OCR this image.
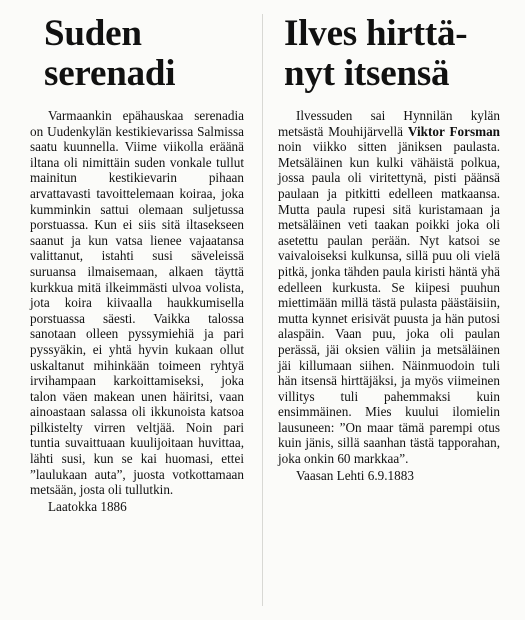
Suden
serenadi

Varmaankin epähauskaa serenadia on Uudenkylän kestikievarissa Salmissa saatu kuunnella. Viime viikolla eräänä iltana oli nimittäin suden vonkale tullut mainitun kestikievarin pihaan arvattavasti tavoittelemaan koiraa, joka kumminkin sattui olemaan suljetussa porstuassa. Kun ei siis sitä iltasekseen saanut ja kun vatsa lienee vajaatansa valittanut, istahti susi säveleissä suruansa ilmaisemaan, alkaen täyttä kurkkua mitä ilkeimmästi ulvoa volista, jota koira kiivaalla haukkumisella porstuassa säesti. Vaikka talossa sanotaan olleen pyssymiehiä ja pari pyssyäkin, ei yhtä hyvin kukaan ollut uskaltanut mihinkään toimeen ryhtyä irvihampaan karkoittamiseksi, joka talon väen makean unen häiritsi, vaan ainoastaan salassa oli ikkunoista katsoa pilkistelty virren veltjää. Noin pari tuntia suvaittuaan kuulijoitaan huvittaa, lähti susi, kun se kai huomasi, ettei ”laulukaan auta”, juosta votkottamaan metsään, josta oli tullutkin.

Laatokka 1886
Ilves hirttä-
nyt itsensä

Ilvessuden sai Hynnilän kylän metsästä Mouhijärvellä Viktor Forsman noin viikko sitten jäniksen paulasta. Metsäläinen kun kulki vähäistä polkua, jossa paula oli viritettynä, pisti päänsä paulaan ja pitkitti edelleen matkaansa. Mutta paula rupesi sitä kuristamaan ja metsäläinen veti taakan poikki joka oli asetettu paulan perään. Nyt katsoi se vaivaloiseksi kulkunsa, sillä puu oli vielä pitkä, jonka tähden paula kiristi häntä yhä edelleen kurkusta. Se kiipesi puuhun miettimään millä tästä pulasta päästäisiin, mutta kynnet erisivät puusta ja hän putosi alaspäin. Vaan puu, joka oli paulan perässä, jäi oksien väliin ja metsäläinen jäi killumaan siihen. Näinmuodoin tuli hän itsensä hirttäjäksi, ja myös viimeinen villitys tuli pahemmaksi kuin ensimmäinen. Mies kuului ilomielin lausuneen: ”On maar tämä parempi otus kuin jänis, sillä saanhan tästä tapporahan, joka onkin 60 markkaa”.

Vaasan Lehti 6.9.1883
